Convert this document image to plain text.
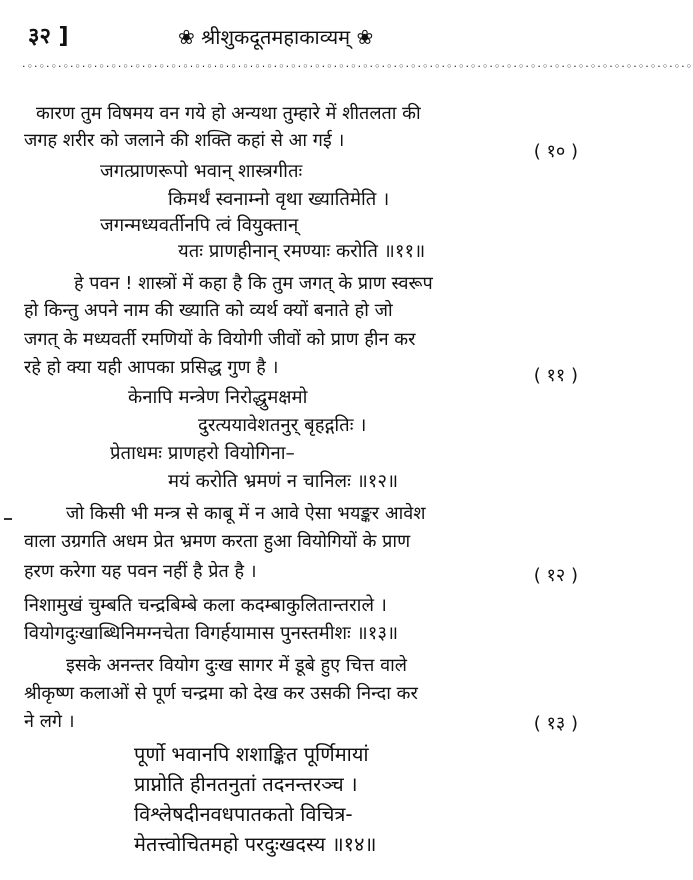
३२ ]	❀ श्रीशुकदूतमहाकाव्यम् ❀
·◦·◦·◦·◦·◦·◦·◦·◦·◦·◦·◦·◦·◦·◦·◦·◦·◦·◦·◦·◦·◦·◦·◦·◦·◦·◦·◦·◦·◦·◦·◦·◦·◦·◦·◦·◦·◦·◦·◦·◦·◦·◦·◦·◦·◦·◦·◦·◦·◦·◦·◦·◦·◦·◦·◦·◦
कारण तुम विषमय वन गये हो अन्यथा तुम्हारे में शीतलता की
जगह शरीर को जलाने की शक्ति कहां से आ गई ।
( १० )
जगत्प्राणरूपो भवान् शास्त्रगीतः
किमर्थं स्वनाम्नो वृथा ख्यातिमेति ।
जगन्मध्यवर्तीनपि त्वं वियुक्तान्
यतः प्राणहीनान् रमण्याः करोति ॥११॥
हे पवन ! शास्त्रों में कहा है कि तुम जगत् के प्राण स्वरूप
हो किन्तु अपने नाम की ख्याति को व्यर्थ क्यों बनाते हो जो
जगत् के मध्यवर्ती रमणियों के वियोगी जीवों को प्राण हीन कर
रहे हो क्या यही आपका प्रसिद्ध गुण है ।	( ११ )
केनापि मन्त्रेण निरोद्धुमक्षमो
दुरत्ययावेशतनुर् बृहद्गतिः ।
प्रेताधमः प्राणहरो वियोगिना–
मयं करोति भ्रमणं न चानिलः ॥१२॥
जो किसी भी मन्त्र से काबू में न आवे ऐसा भयङ्कर आवेश
वाला उग्रगति अधम प्रेत भ्रमण करता हुआ वियोगियों के प्राण
हरण करेगा यह पवन नहीं है प्रेत है ।	( १२ )
निशामुखं चुम्बति चन्द्रबिम्बे कला कदम्बाकुलितान्तराले ।
वियोगदुःखाब्धिनिमग्नचेता विगर्हयामास पुनस्तमीशः ॥१३॥
इसके अनन्तर वियोग दुःख सागर में डूबे हुए चित्त वाले
श्रीकृष्ण कलाओं से पूर्ण चन्द्रमा को देख कर उसकी निन्दा कर
ने लगे ।	( १३ )
पूर्णो भवानपि शशाङ्कित पूर्णिमायां
प्राप्नोति हीनतनुतां तदनन्तरञ्च ।
विश्लेषदीनवधपातकतो विचित्र-
मेतत्त्वोचितमहो परदुःखदस्य ॥१४॥
